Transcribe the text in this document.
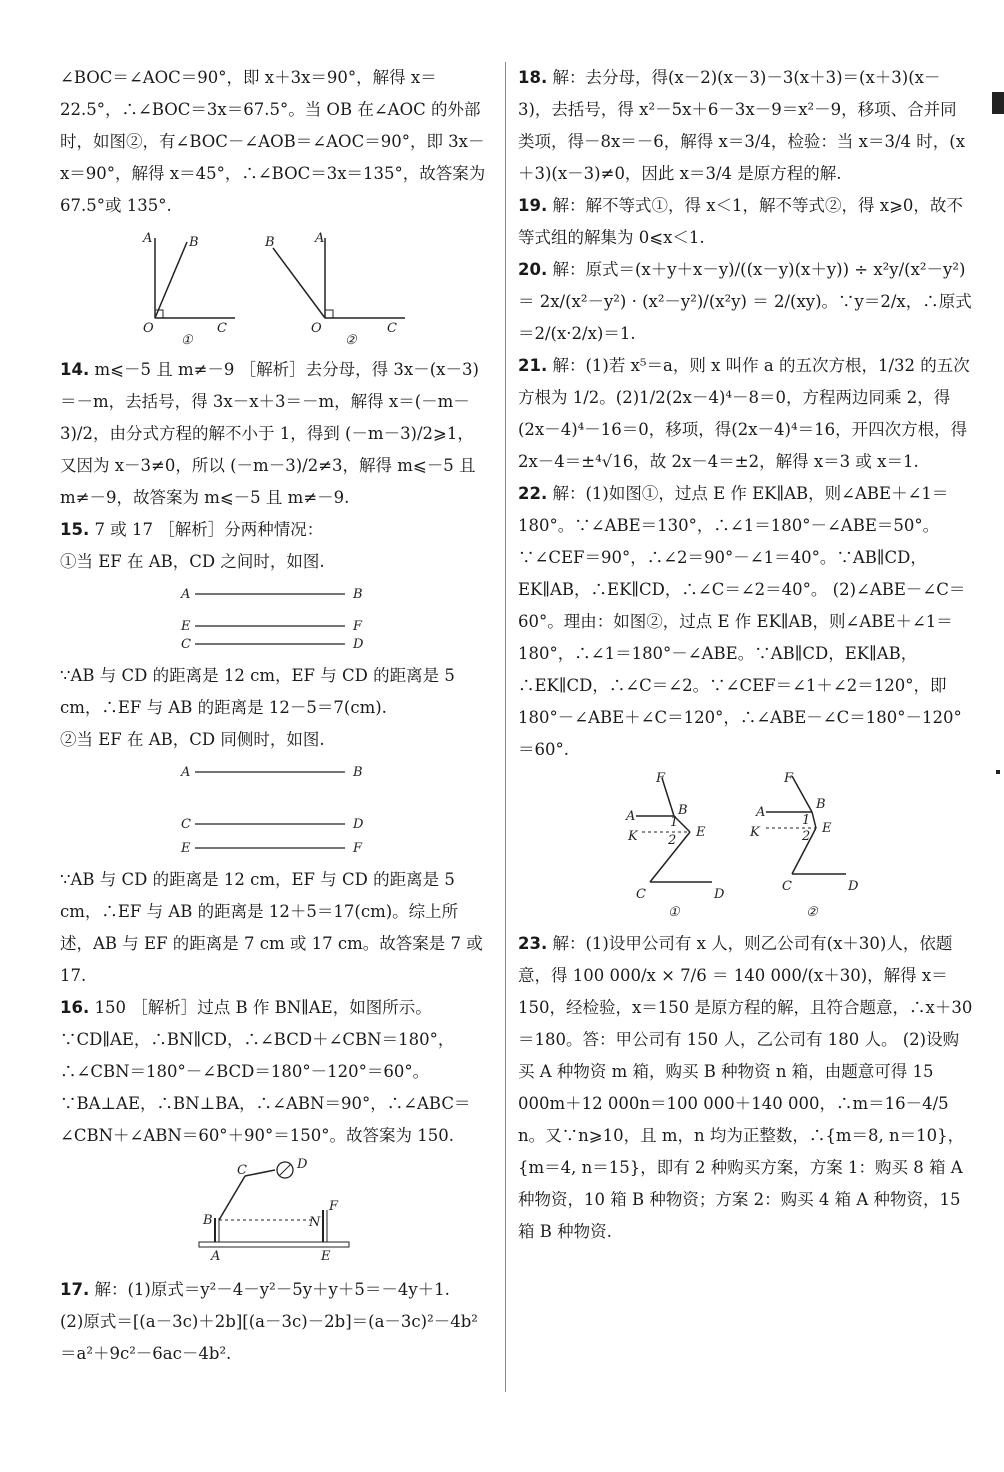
∠BOC＝∠AOC＝90°，即 x＋3x＝90°，解得 x＝22.5°，∴∠BOC＝3x＝67.5°。当 OB 在∠AOC 的外部时，如图②，有∠BOC－∠AOB＝∠AOC＝90°，即 3x－x＝90°，解得 x＝45°，∴∠BOC＝3x＝135°，故答案为 67.5°或 135°.

A	B
O	C
①
B	A
O	C
②

14. m⩽－5 且 m≠－9 ［解析］去分母，得 3x－(x－3)＝－m，去括号，得 3x－x＋3＝－m，解得 x＝(－m－3)/2，由分式方程的解不小于 1，得到 (－m－3)/2⩾1，又因为 x－3≠0，所以 (－m－3)/2≠3，解得 m⩽－5 且 m≠－9，故答案为 m⩽－5 且 m≠－9.

15. 7 或 17 ［解析］分两种情况：

①当 EF 在 AB，CD 之间时，如图.

A	B
E	F
C	D

∵AB 与 CD 的距离是 12 cm，EF 与 CD 的距离是 5 cm，∴EF 与 AB 的距离是 12－5＝7(cm).

②当 EF 在 AB，CD 同侧时，如图.

A	B
C	D
E	F

∵AB 与 CD 的距离是 12 cm，EF 与 CD 的距离是 5 cm，∴EF 与 AB 的距离是 12＋5＝17(cm)。综上所述，AB 与 EF 的距离是 7 cm 或 17 cm。故答案是 7 或 17.

16. 150 ［解析］过点 B 作 BN∥AE，如图所示。∵CD∥AE，∴BN∥CD，∴∠BCD＋∠CBN＝180°，∴∠CBN＝180°－∠BCD＝180°－120°＝60°。∵BA⊥AE，∴BN⊥BA，∴∠ABN＝90°，∴∠ABC＝∠CBN＋∠ABN＝60°＋90°＝150°。故答案为 150.

C	D
B	N
F
A	E

17. 解：(1)原式＝y²－4－y²－5y＋y＋5＝－4y＋1.

(2)原式＝[(a－3c)＋2b][(a－3c)－2b]＝(a－3c)²－4b²＝a²＋9c²－6ac－4b².

18. 解：去分母，得(x－2)(x－3)－3(x＋3)＝(x＋3)(x－3)，去括号，得 x²－5x＋6－3x－9＝x²－9，移项、合并同类项，得－8x＝－6，解得 x＝3/4，检验：当 x＝3/4 时，(x＋3)(x－3)≠0，因此 x＝3/4 是原方程的解.

19. 解：解不等式①，得 x＜1，解不等式②，得 x⩾0，故不等式组的解集为 0⩽x＜1.

20. 解：原式＝(x＋y＋x－y)/((x－y)(x＋y)) ÷ x²y/(x²－y²) ＝ 2x/(x²－y²) · (x²－y²)/(x²y) ＝ 2/(xy)。∵y＝2/x，∴原式＝2/(x·2/x)＝1.

21. 解：(1)若 x⁵＝a，则 x 叫作 a 的五次方根，1/32 的五次方根为 1/2。(2)1/2(2x－4)⁴－8＝0，方程两边同乘 2，得(2x－4)⁴－16＝0，移项，得(2x－4)⁴＝16，开四次方根，得 2x－4＝±⁴√16，故 2x－4＝±2，解得 x＝3 或 x＝1.

22. 解：(1)如图①，过点 E 作 EK∥AB，则∠ABE＋∠1＝180°。∵∠ABE＝130°，∴∠1＝180°－∠ABE＝50°。∵∠CEF＝90°，∴∠2＝90°－∠1＝40°。∵AB∥CD，EK∥AB，∴EK∥CD，∴∠C＝∠2＝40°。 (2)∠ABE－∠C＝60°。理由：如图②，过点 E 作 EK∥AB，则∠ABE＋∠1＝180°，∴∠1＝180°－∠ABE。∵AB∥CD，EK∥AB，∴EK∥CD，∴∠C＝∠2。∵∠CEF＝∠1＋∠2＝120°，即 180°－∠ABE＋∠C＝120°，∴∠ABE－∠C＝180°－120°＝60°.

F
A	B
K	E
1
2
C	D
①
F
A
B
K	E
1
2
C	D
②

23. 解：(1)设甲公司有 x 人，则乙公司有(x＋30)人，依题意，得 100 000/x × 7/6 ＝ 140 000/(x＋30)，解得 x＝150，经检验，x＝150 是原方程的解，且符合题意，∴x＋30＝180。答：甲公司有 150 人，乙公司有 180 人。 (2)设购买 A 种物资 m 箱，购买 B 种物资 n 箱，由题意可得 15 000m＋12 000n＝100 000＋140 000，∴m＝16－4/5 n。又∵n⩾10，且 m，n 均为正整数，∴{m＝8, n＝10}，{m＝4, n＝15}，即有 2 种购买方案，方案 1：购买 8 箱 A 种物资，10 箱 B 种物资；方案 2：购买 4 箱 A 种物资，15 箱 B 种物资.
